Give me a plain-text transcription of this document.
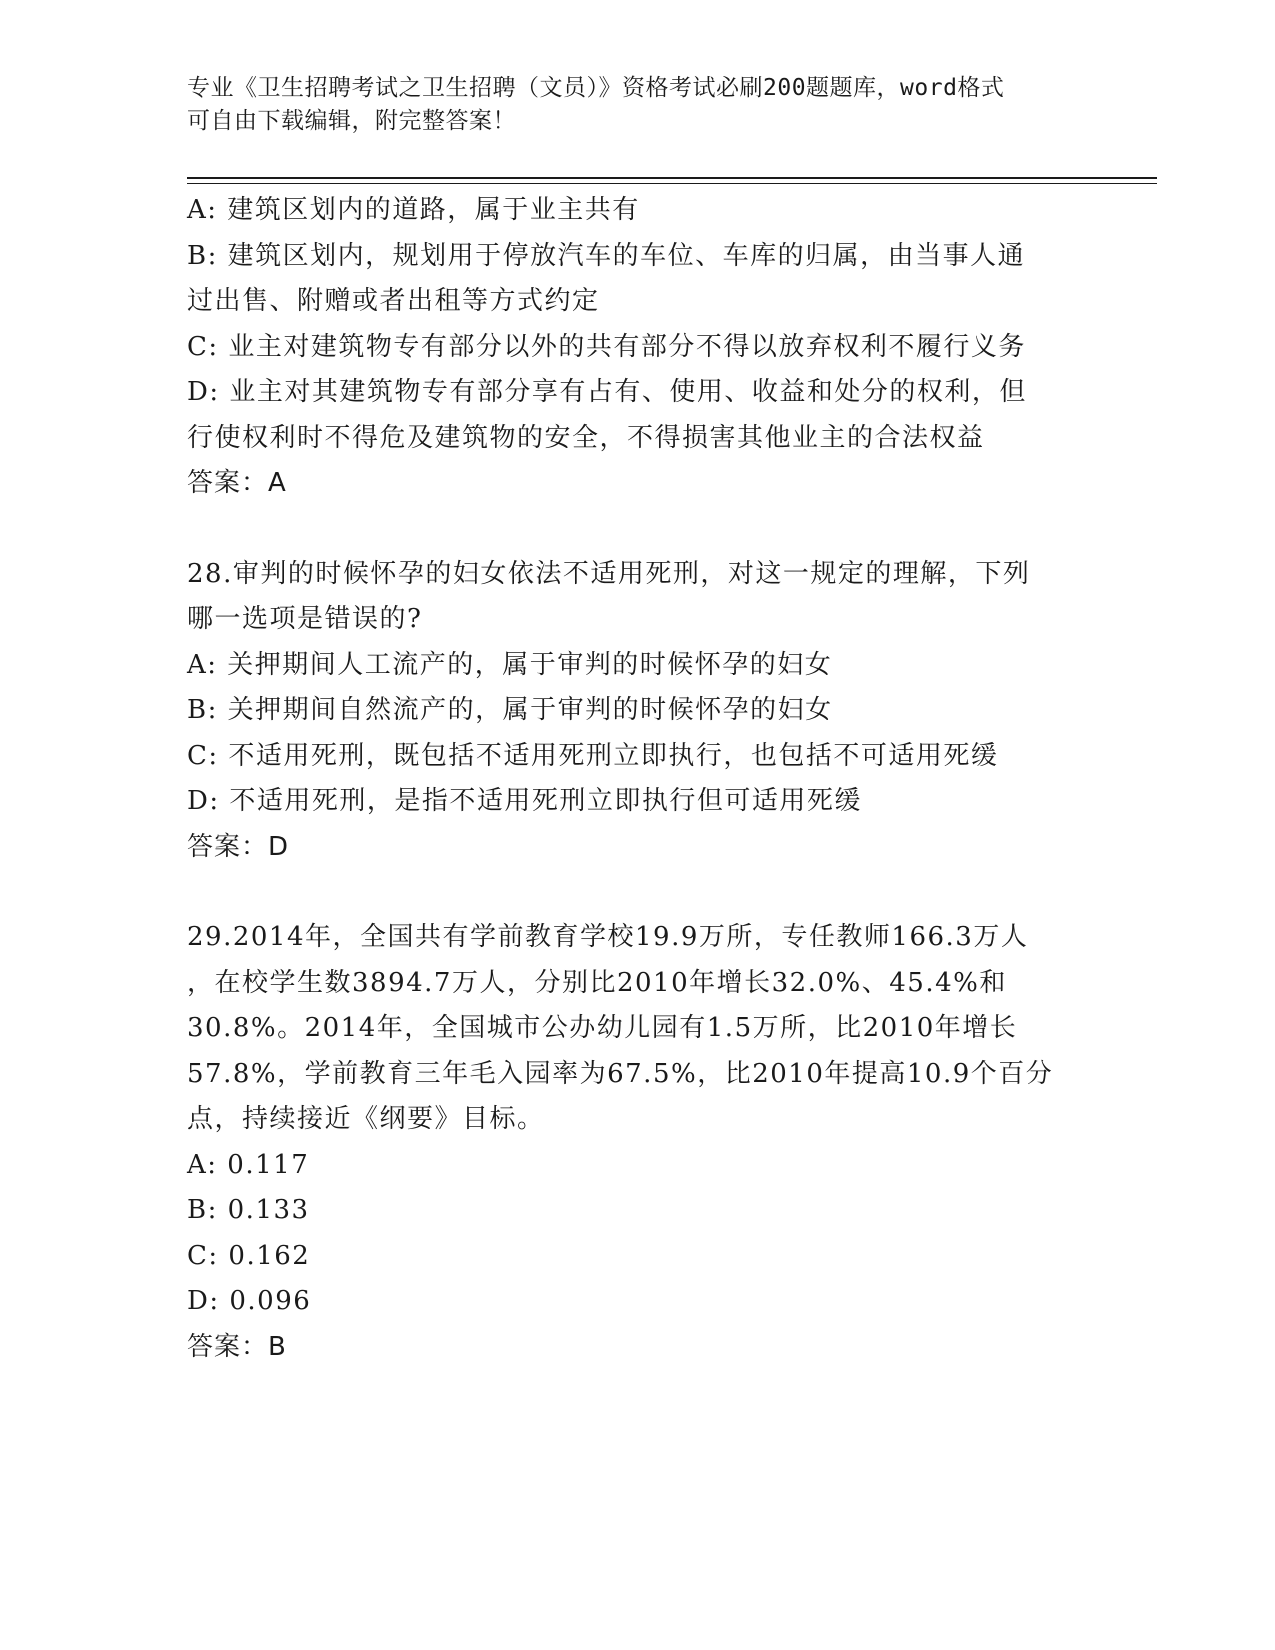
专业《卫生招聘考试之卫生招聘（文员）》资格考试必刷200题题库，word格式
可自由下载编辑，附完整答案！
A: 建筑区划内的道路，属于业主共有
B: 建筑区划内，规划用于停放汽车的车位、车库的归属，由当事人通
过出售、附赠或者出租等方式约定
C: 业主对建筑物专有部分以外的共有部分不得以放弃权利不履行义务
D: 业主对其建筑物专有部分享有占有、使用、收益和处分的权利，但
行使权利时不得危及建筑物的安全，不得损害其他业主的合法权益
答案：A
28.审判的时候怀孕的妇女依法不适用死刑，对这一规定的理解，下列
哪一选项是错误的?
A: 关押期间人工流产的，属于审判的时候怀孕的妇女
B: 关押期间自然流产的，属于审判的时候怀孕的妇女
C: 不适用死刑，既包括不适用死刑立即执行，也包括不可适用死缓
D: 不适用死刑，是指不适用死刑立即执行但可适用死缓
答案：D
29.2014年，全国共有学前教育学校19.9万所，专任教师166.3万人
，在校学生数3894.7万人，分别比2010年增长32.0%、45.4%和
30.8%。2014年，全国城市公办幼儿园有1.5万所，比2010年增长
57.8%，学前教育三年毛入园率为67.5%，比2010年提高10.9个百分
点，持续接近《纲要》目标。
A: 0.117
B: 0.133
C: 0.162
D: 0.096
答案：B
